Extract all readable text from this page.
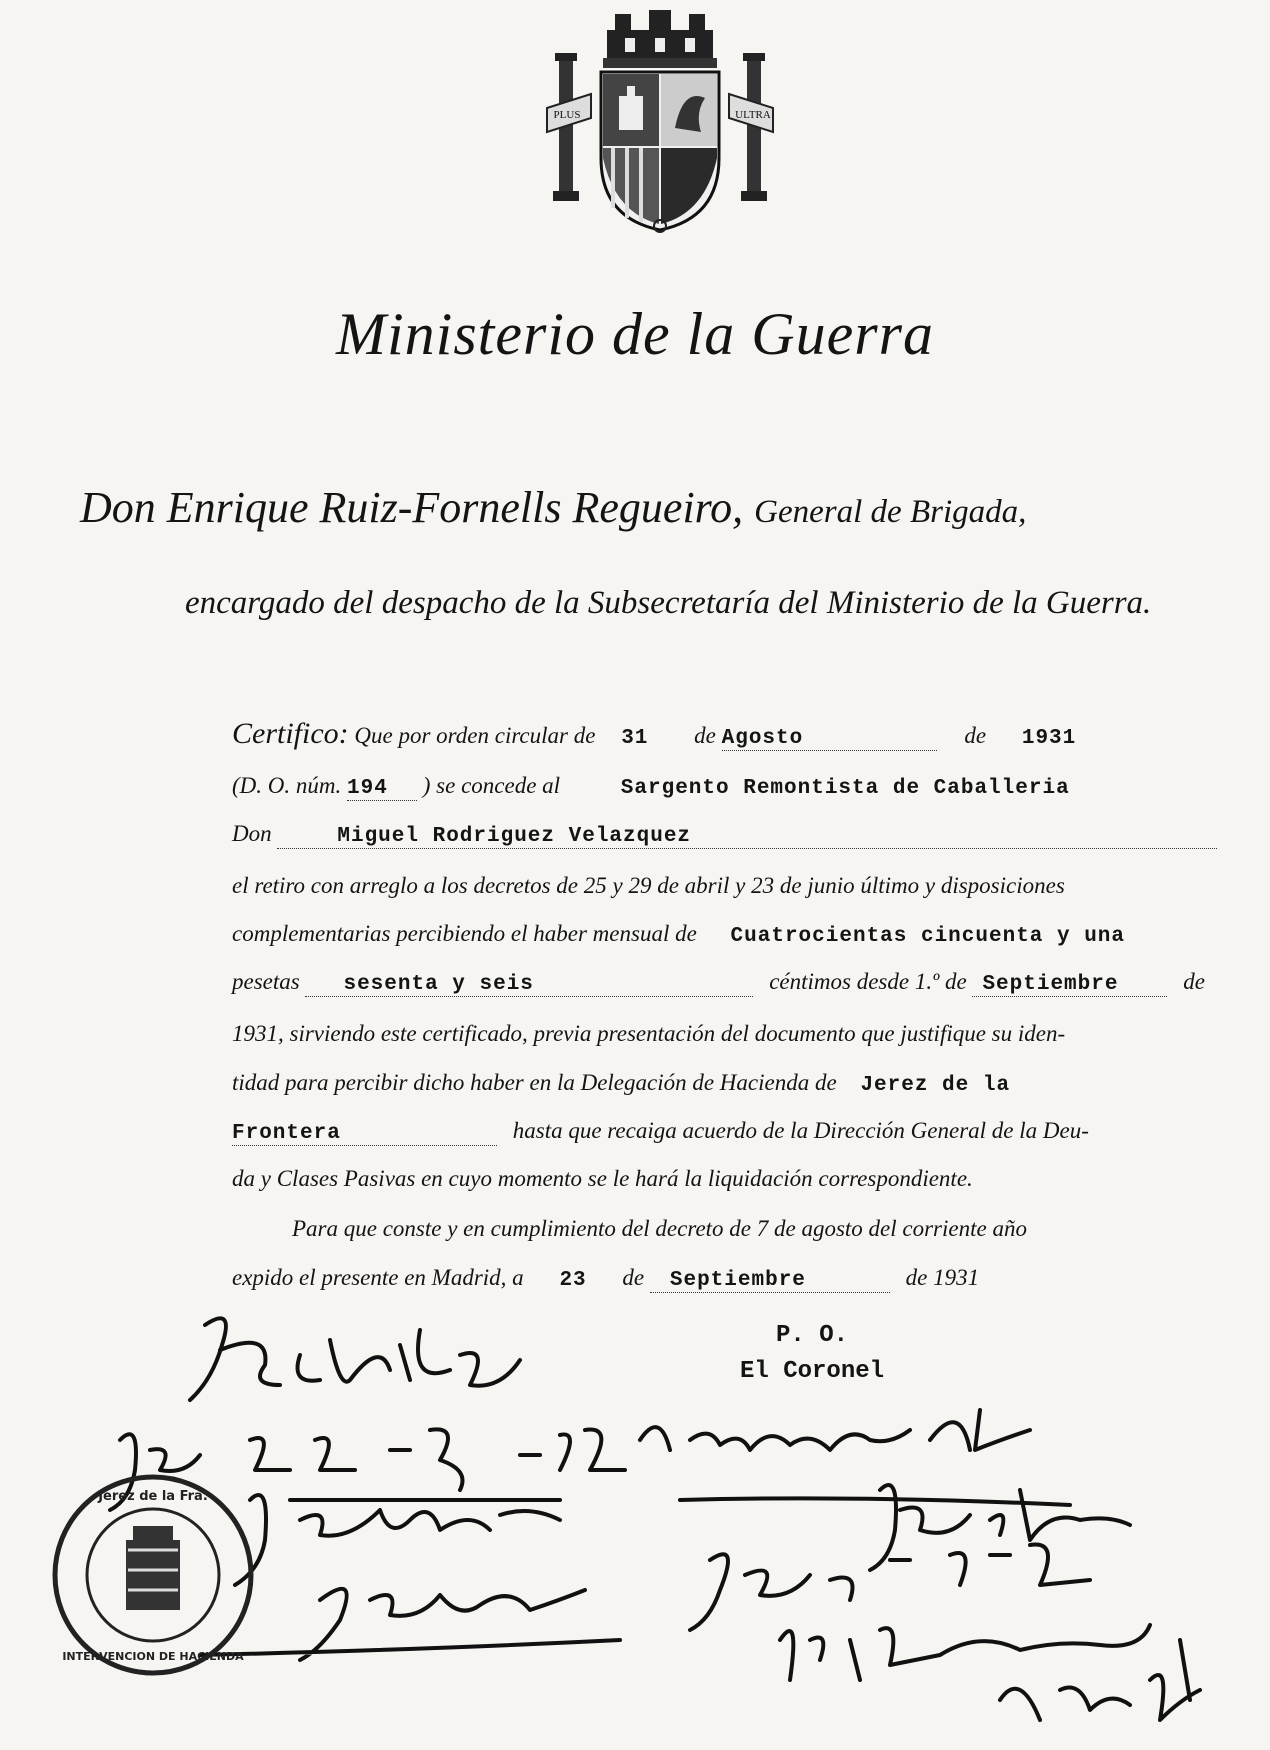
PLUS	ULTRA
Ministerio de la Guerra
Don Enrique Ruiz-Fornells Regueiro, General de Brigada,
encargado del despacho de la Subsecretaría del Ministerio de la Guerra.
Certifico: Que por orden circular de 31 de Agosto	de 1931
(D. O. núm. 194 ) se concede al	Sargento Remontista de Caballeria
Don	Miguel Rodriguez Velazquez
el retiro con arreglo a los decretos de 25 y 29 de abril y 23 de junio último y disposiciones
complementarias percibiendo el haber mensual de Cuatrocientas cincuenta y una
pesetas sesenta y seis	céntimos desde 1.º de Septiembre	de
1931, sirviendo este certificado, previa presentación del documento que justifique su iden-
tidad para percibir dicho haber en la Delegación de Hacienda de Jerez de la
Frontera	hasta que recaiga acuerdo de la Dirección General de la Deu-
da y Clases Pasivas en cuyo momento se le hará la liquidación correspondiente.
Para que conste y en cumplimiento del decreto de 7 de agosto del corriente año
expido el presente en Madrid, a 23 de Septiembre	de 1931
P. O.
El Coronel
Jerez de la Fra.
INTERVENCION DE HACIENDA
